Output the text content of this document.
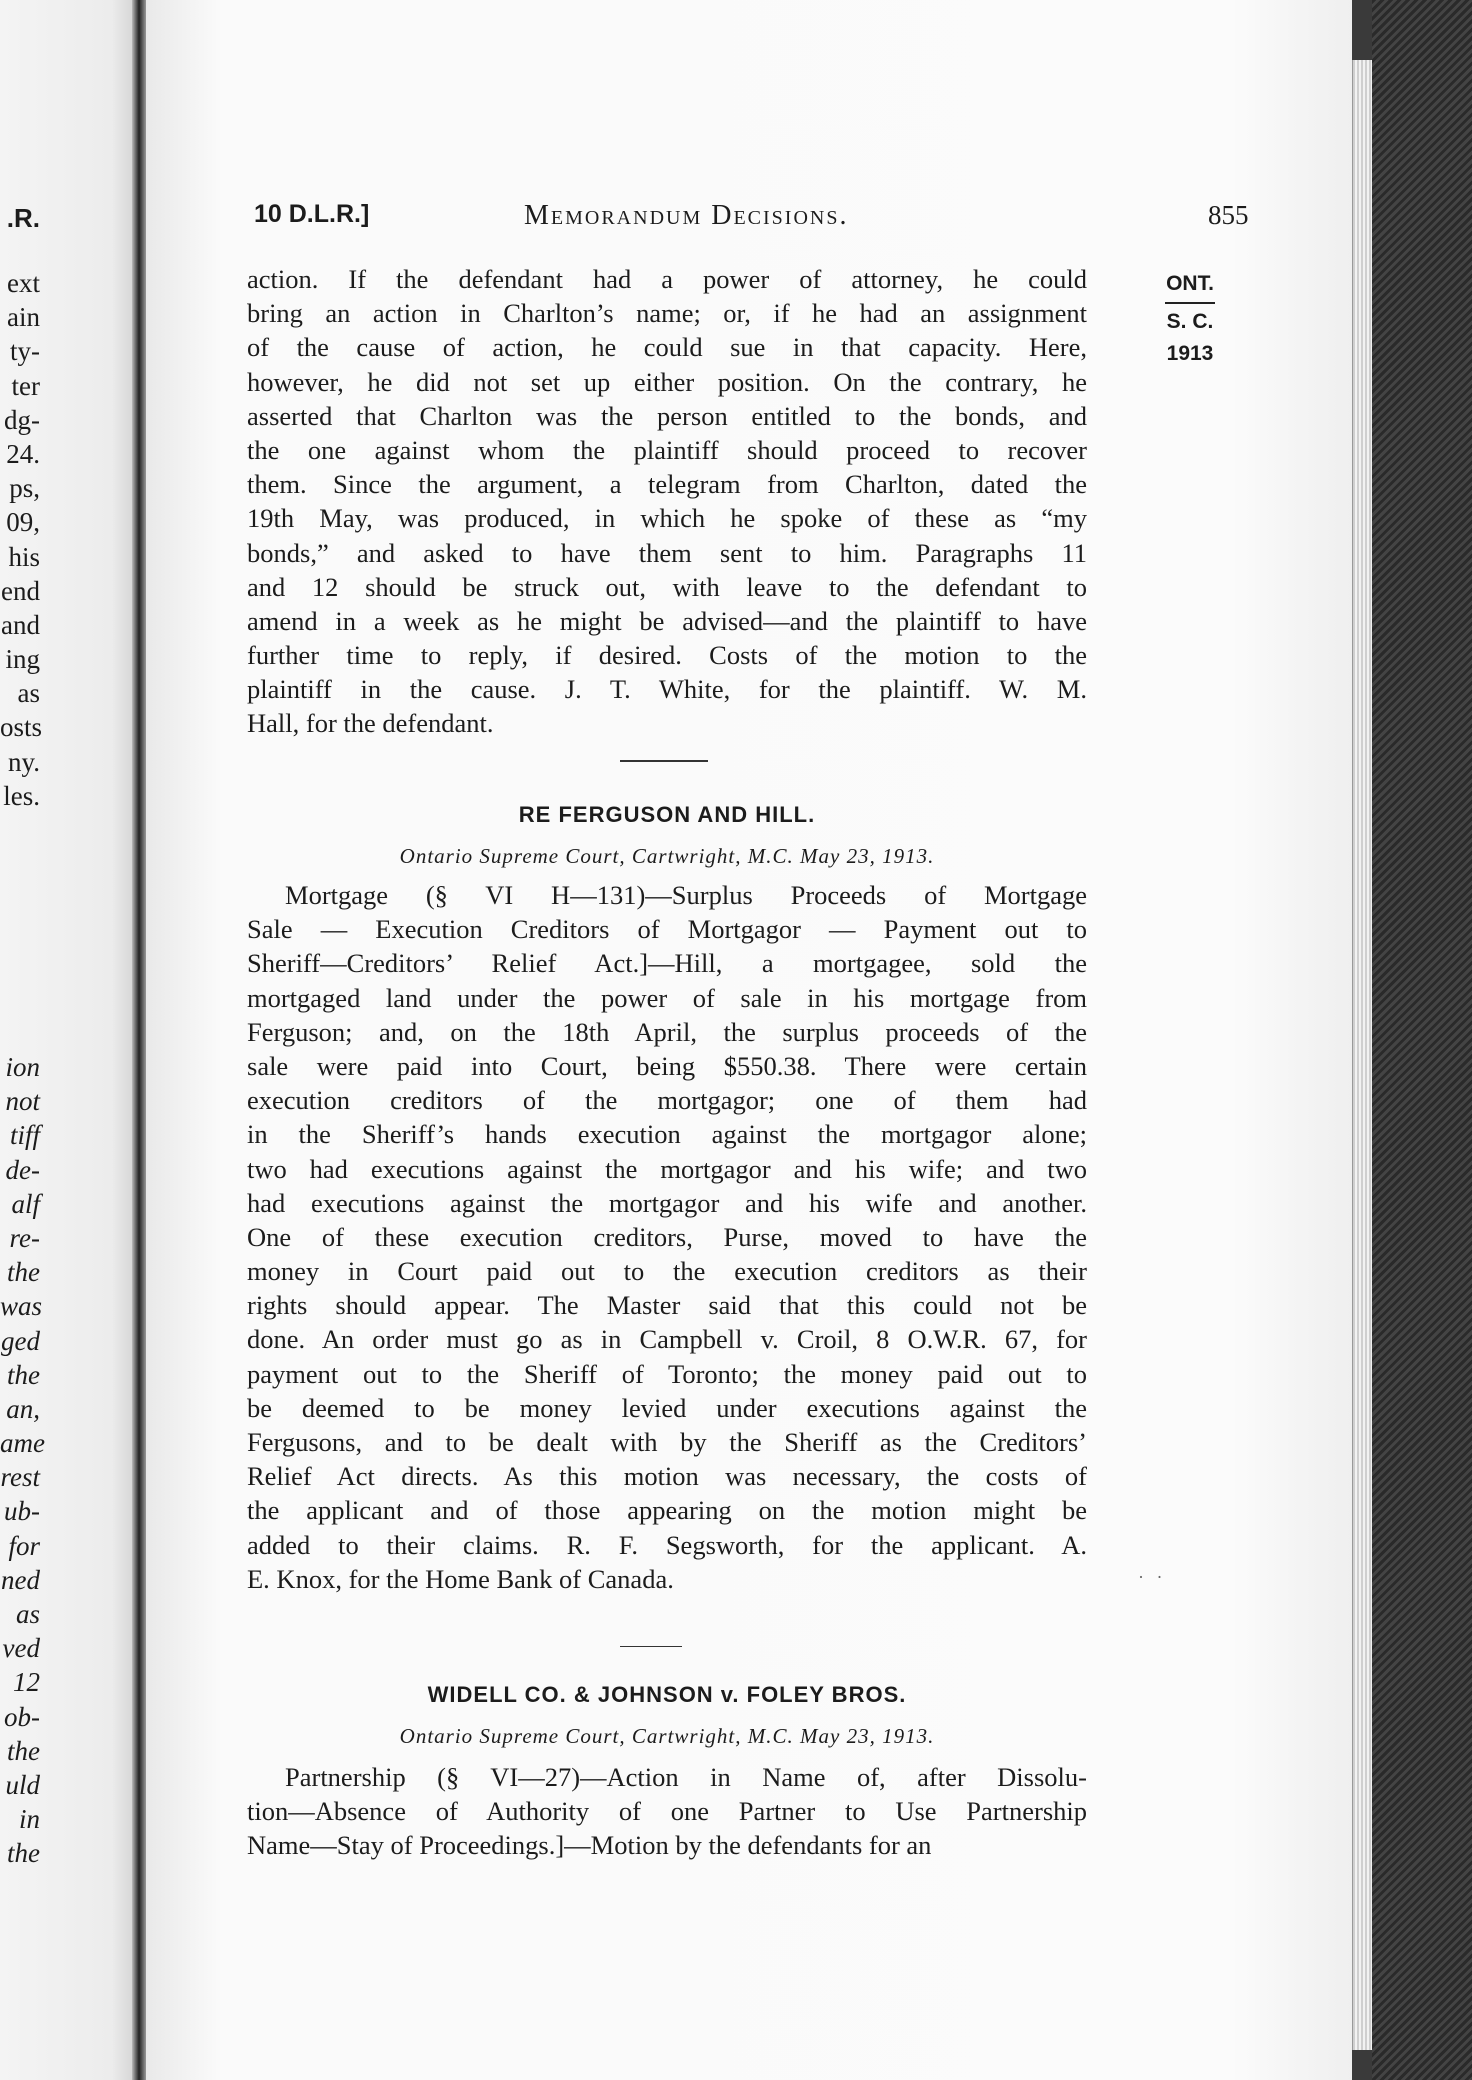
.R.
ext
ain
ty-
ter
dg-
24.
ps,
09,
his
end
and
ing
as
osts
ny.
les.
ion
not
tiff
de-
alf
re-
the
was
ged
the
an,
ame
rest
ub-
for
ned
as
ved
12
ob-
the
uld
in
the
10 D.L.R.]	Memorandum Decisions.	855
ONT.
S. C.
1913

action. If the defendant had a power of attorney, he could
bring an action in Charlton’s name; or, if he had an assignment
of the cause of action, he could sue in that capacity. Here,
however, he did not set up either position. On the contrary, he
asserted that Charlton was the person entitled to the bonds, and
the one against whom the plaintiff should proceed to recover
them. Since the argument, a telegram from Charlton, dated the
19th May, was produced, in which he spoke of these as “my
bonds,” and asked to have them sent to him. Paragraphs 11
and 12 should be struck out, with leave to the defendant to
amend in a week as he might be advised—and the plaintiff to have
further time to reply, if desired. Costs of the motion to the
plaintiff in the cause. J. T. White, for the plaintiff. W. M.
Hall, for the defendant.

RE FERGUSON AND HILL.
Ontario Supreme Court, Cartwright, M.C. May 23, 1913.

Mortgage (§ VI H—131)—Surplus Proceeds of Mortgage
Sale — Execution Creditors of Mortgagor — Payment out to
Sheriff—Creditors’ Relief Act.]—Hill, a mortgagee, sold the
mortgaged land under the power of sale in his mortgage from
Ferguson; and, on the 18th April, the surplus proceeds of the
sale were paid into Court, being $550.38. There were certain
execution creditors of the mortgagor; one of them had
in the Sheriff’s hands execution against the mortgagor alone;
two had executions against the mortgagor and his wife; and two
had executions against the mortgagor and his wife and another.
One of these execution creditors, Purse, moved to have the
money in Court paid out to the execution creditors as their
rights should appear. The Master said that this could not be
done. An order must go as in Campbell v. Croil, 8 O.W.R. 67, for
payment out to the Sheriff of Toronto; the money paid out to
be deemed to be money levied under executions against the
Fergusons, and to be dealt with by the Sheriff as the Creditors’
Relief Act directs. As this motion was necessary, the costs of
the applicant and of those appearing on the motion might be
added to their claims. R. F. Segsworth, for the applicant. A.
E. Knox, for the Home Bank of Canada.

WIDELL CO. & JOHNSON v. FOLEY BROS.
Ontario Supreme Court, Cartwright, M.C. May 23, 1913.

Partnership (§ VI—27)—Action in Name of, after Dissolu-
tion—Absence of Authority of one Partner to Use Partnership
Name—Stay of Proceedings.]—Motion by the defendants for an

· ·
